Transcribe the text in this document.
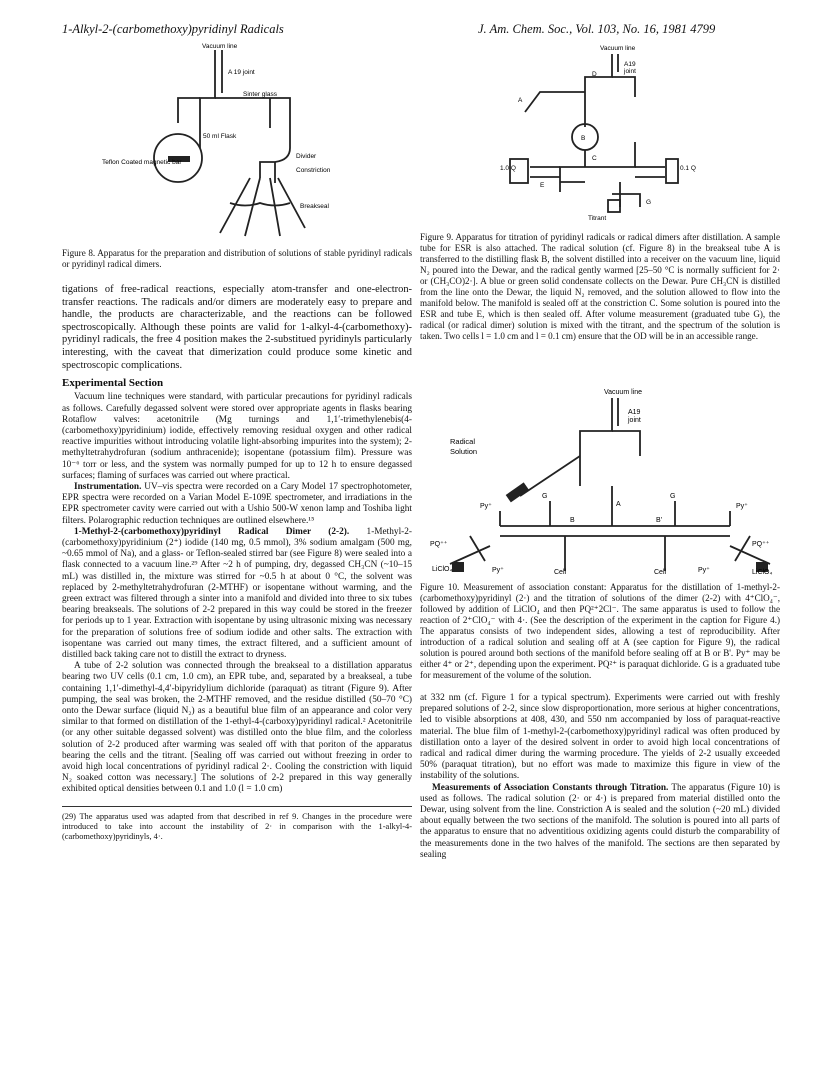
1-Alkyl-2-(carbomethoxy)pyridinyl Radicals	J. Am. Chem. Soc., Vol. 103, No. 16, 1981 4799
Vacuum line
A 19 joint
Sinter glass
50 ml Flask
Teflon Coated magnetic bar
Divider
Constriction
Breakseal

Figure 8. Apparatus for the preparation and distribution of solutions of stable pyridinyl radicals or pyridinyl radical dimers.

tigations of free-radical reactions, especially atom-transfer and one-electron-transfer reactions. The radicals and/or dimers are moderately easy to prepare and handle, the products are characterizable, and the reactions can be followed spectroscopically. Although these points are valid for 1-alkyl-4-(carbomethoxy)-pyridinyl radicals, the free 4 position makes the 2-substitued pyridinyls particularly interesting, with the caveat that dimerization could produce some kinetic and spectroscopic complications.

Experimental Section

Vacuum line techniques were standard, with particular precautions for pyridinyl radicals as follows. Carefully degassed solvent were stored over appropriate agents in flasks bearing Rotaflow valves: acetonitrile (Mg turnings and 1,1′-trimethylenebis(4-(carbomethoxy)pyridinium) iodide, effectively removing residual oxygen and other radical reactive impurities without introducing volatile light-absorbing impurites into the system); 2-methyltetrahydrofuran (sodium anthracenide); isopentane (potassium film). Pressure was 10⁻⁶ torr or less, and the system was normally pumped for up to 12 h to ensure degassed surfaces; flaming of surfaces was carried out where practical.

Instrumentation. UV–vis spectra were recorded on a Cary Model 17 spectrophotometer, EPR spectra were recorded on a Varian Model E-109E spectrometer, and irradiations in the EPR spectrometer cavity were carried out with a Ushio 500-W xenon lamp and Toshiba light filters. Polarographic reduction techniques are outlined elsewhere.¹⁵

1-Methyl-2-(carbomethoxy)pyridinyl Radical Dimer (2-2). 1-Methyl-2-(carbomethoxy)pyridinium (2⁺) iodide (140 mg, 0.5 mmol), 3% sodium amalgam (500 mg, ~0.65 mmol of Na), and a glass- or Teflon-sealed stirred bar (see Figure 8) were sealed into a flask connected to a vacuum line.²⁹ After ~2 h of pumping, dry, degassed CH₃CN (~10–15 mL) was distilled in, the mixture was stirred for ~0.5 h at about 0 °C, the solvent was replaced by 2-methyltetrahydrofuran (2-MTHF) or isopentane without warming, and the green extract was filtered through a sinter into a manifold and divided into three to six tubes bearing breakseals. The solutions of 2-2 prepared in this way could be stored in the freezer for periods up to 1 year. Extraction with isopentane by using ultrasonic mixing was necessary for the preparation of solutions free of sodium iodide and other salts. The extraction with isopentane was carried out many times, the extract filtered, and a sufficient amount of distilled back taking care not to distill the extract to dryness.

A tube of 2-2 solution was connected through the breakseal to a distillation apparatus bearing two UV cells (0.1 cm, 1.0 cm), an EPR tube, and, separated by a breakseal, a tube containing 1,1′-dimethyl-4,4′-bipyridylium dichloride (paraquat) as titrant (Figure 9). After pumping, the seal was broken, the 2-MTHF removed, and the residue distilled (50–70 °C) onto the Dewar surface (liquid N₂) as a beautiful blue film of an appearance and color very similar to that formed on distillation of the 1-ethyl-4-(carboxy)pyridinyl radical.² Acetonitrile (or any other suitable degassed solvent) was distilled onto the blue film, and the colorless solution of 2-2 produced after warming was sealed off with that poriton of the apparatus bearing the cells and the titrant. [Sealing off was carried out without freezing in order to avoid high local concentrations of pyridinyl radical 2·. Cooling the constriction with liquid N₂ soaked cotton was necessary.] The solutions of 2-2 prepared in this way generally exhibited optical densities between 0.1 and 1.0 (l = 1.0 cm)

(29) The apparatus used was adapted from that described in ref 9. Changes in the procedure were introduced to take into account the instability of 2· in comparison with the 1-alkyl-4-(carbomethoxy)pyridinyls, 4·.

Vacuum line
A19
joint
D
A
B
C
E
G
1.0 Q	0.1 Q
Titrant

Figure 9. Apparatus for titration of pyridinyl radicals or radical dimers after distillation. A sample tube for ESR is also attached. The radical solution (cf. Figure 8) in the breakseal tube A is transferred to the distilling flask B, the solvent distilled into a receiver on the vacuum line, liquid N₂ poured into the Dewar, and the radical gently warmed [25–50 °C is normally sufficient for 2· or (CH₃CO)2·]. A blue or green solid condensate collects on the Dewar. Pure CH₃CN is distilled from the line onto the Dewar, the liquid N₂ removed, and the solution allowed to flow into the manifold below. The manifold is sealed off at the constriction C. Some solution is poured into the ESR and tube E, which is then sealed off. After volume measurement (graduated tube G), the radical (or radical dimer) solution is mixed with the titrant, and the spectrum of the solution is taken. Two cells l = 1.0 cm and l = 0.1 cm) ensure that the OD will be in an accessible range.

Vacuum line
A19
joint
Radical
Solution
G	G
A
B	B'
Py⁺	Py⁺
PQ⁺⁺	PQ⁺⁺
LiClO₄	LiClO₄
Py⁺	Py⁺
Cell	Cell

Figure 10. Measurement of association constant: Apparatus for the distillation of 1-methyl-2-(carbomethoxy)pyridinyl (2·) and the titration of solutions of the dimer (2-2) with 4⁺ClO₄⁻, followed by addition of LiClO₄ and then PQ²⁺2Cl⁻. The same apparatus is used to follow the reaction of 2⁺ClO₄⁻ with 4·. (See the description of the experiment in the caption for Figure 4.) The apparatus consists of two independent sides, allowing a test of reproducibility. After introduction of a radical solution and sealing off at A (see caption for Figure 9), the radical solution is poured around both sections of the manifold before sealing off at B or B'. Py⁺ may be either 4⁺ or 2⁺, depending upon the experiment. PQ²⁺ is paraquat dichloride. G is a graduated tube for measurement of the volume of the solution.

at 332 nm (cf. Figure 1 for a typical spectrum). Experiments were carried out with freshly prepared solutions of 2-2, since slow disproportionation, more serious at higher concentrations, led to visible absorptions at 408, 430, and 550 nm accompanied by loss of paraquat-reactive material. The blue film of 1-methyl-2-(carbomethoxy)pyridinyl radical was often produced by distillation onto a layer of the desired solvent in order to avoid high local concentrations of radical and radical dimer during the warming procedure. The yields of 2-2 usually exceeded 50% (paraquat titration), but no effort was made to maximize this figure in view of the instability of the solutions.

Measurements of Association Constants through Titration. The apparatus (Figure 10) is used as follows. The radical solution (2· or 4·) is prepared from material distilled onto the Dewar, using solvent from the line. Constriction A is sealed and the solution (~20 mL) divided about equally between the two sections of the manifold. The solution is poured into all parts of the apparatus to ensure that no adventitious oxidizing agents could disturb the comparability of the measurements done in the two halves of the manifold. The sections are then separated by sealing
